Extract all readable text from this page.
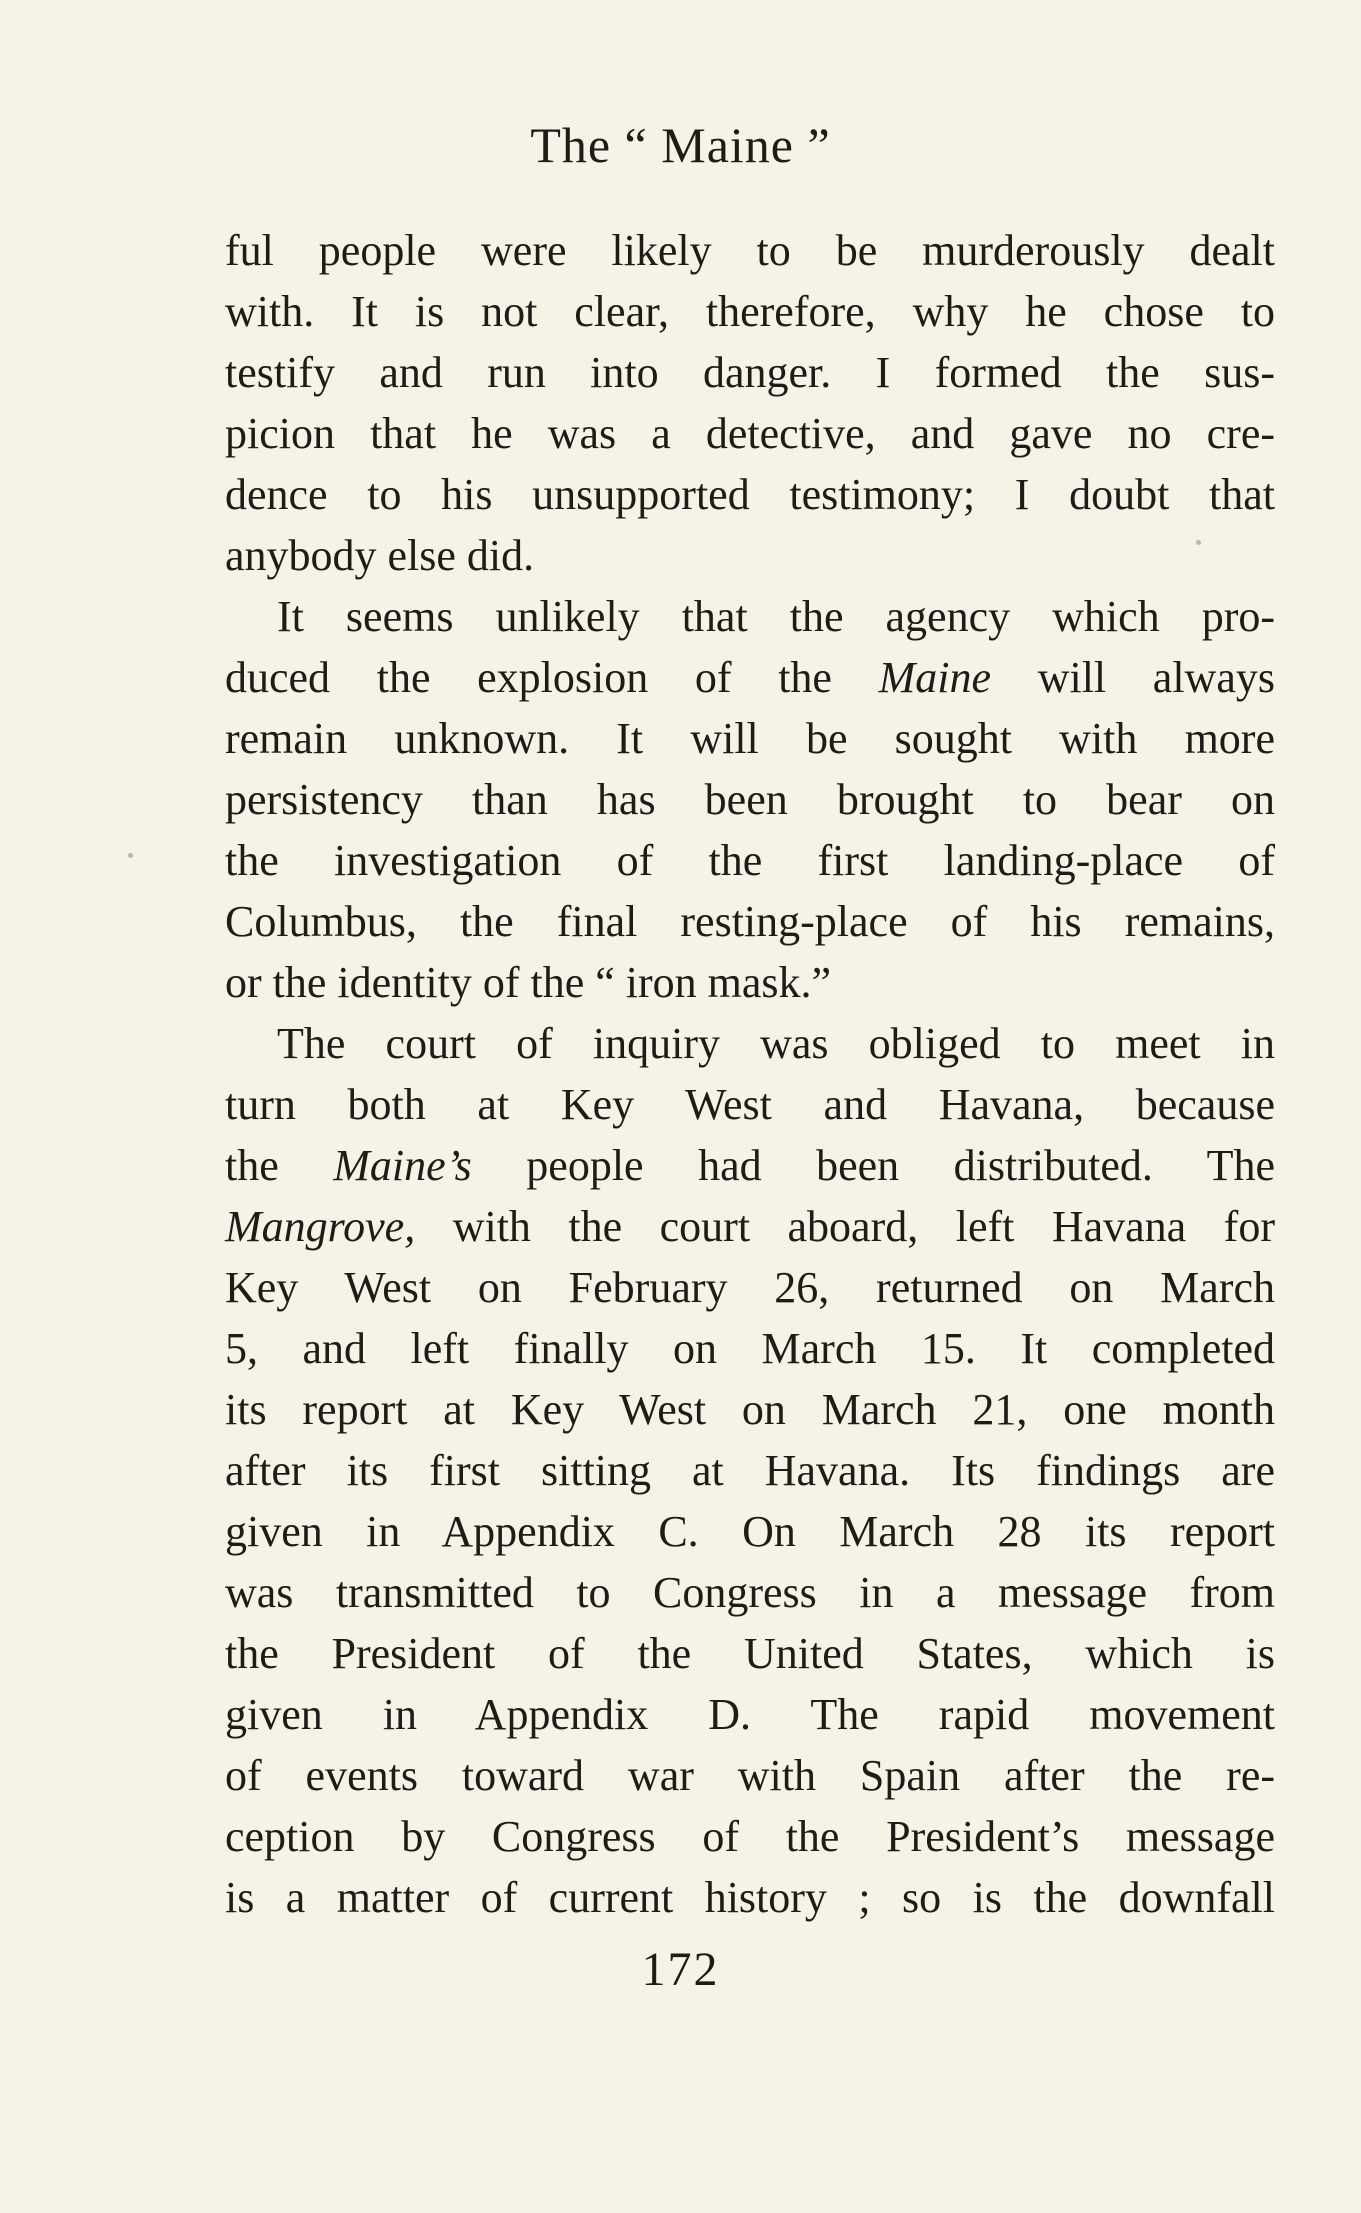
The “ Maine ”
ful people were likely to be murderously dealt
with. It is not clear, therefore, why he chose to
testify and run into danger. I formed the sus-
picion that he was a detective, and gave no cre-
dence to his unsupported testimony; I doubt that
anybody else did.
It seems unlikely that the agency which pro-
duced the explosion of the Maine will always
remain unknown. It will be sought with more
persistency than has been brought to bear on
the investigation of the first landing-place of
Columbus, the final resting-place of his remains,
or the identity of the “ iron mask.”
The court of inquiry was obliged to meet in
turn both at Key West and Havana, because
the Maine’s people had been distributed. The
Mangrove, with the court aboard, left Havana for
Key West on February 26, returned on March
5, and left finally on March 15. It completed
its report at Key West on March 21, one month
after its first sitting at Havana. Its findings are
given in Appendix C. On March 28 its report
was transmitted to Congress in a message from
the President of the United States, which is
given in Appendix D. The rapid movement
of events toward war with Spain after the re-
ception by Congress of the President’s message
is a matter of current history ; so is the downfall
172
